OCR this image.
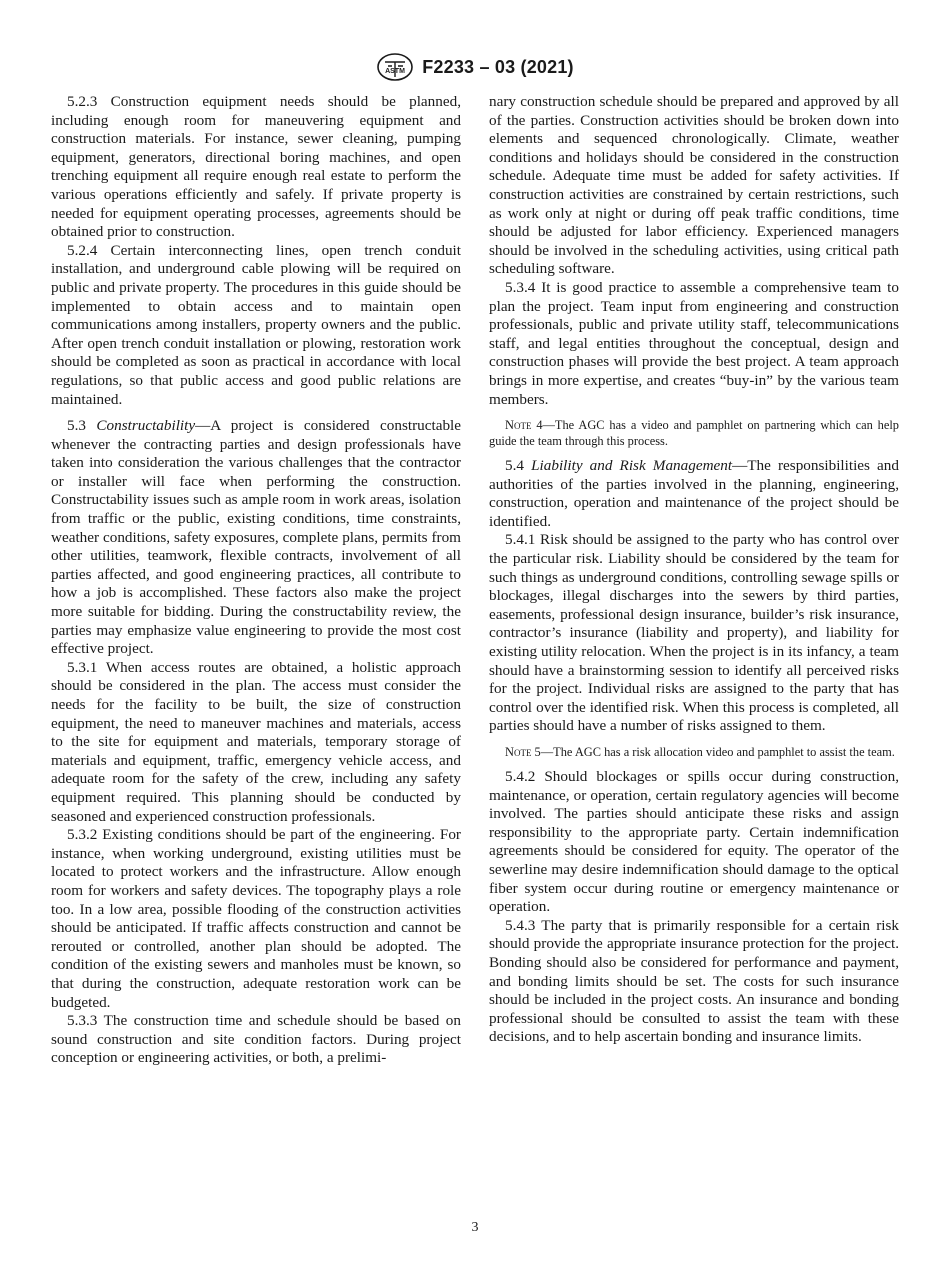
ASTM F2233 – 03 (2021)

5.2.3 Construction equipment needs should be planned, including enough room for maneuvering equipment and construction materials. For instance, sewer cleaning, pumping equipment, generators, directional boring machines, and open trenching equipment all require enough real estate to perform the various operations efficiently and safely. If private property is needed for equipment operating processes, agreements should be obtained prior to construction.

5.2.4 Certain interconnecting lines, open trench conduit installation, and underground cable plowing will be required on public and private property. The procedures in this guide should be implemented to obtain access and to maintain open communications among installers, property owners and the public. After open trench conduit installation or plowing, restoration work should be completed as soon as practical in accordance with local regulations, so that public access and good public relations are maintained.

5.3 Constructability—A project is considered constructable whenever the contracting parties and design professionals have taken into consideration the various challenges that the contractor or installer will face when performing the construction. Constructability issues such as ample room in work areas, isolation from traffic or the public, existing conditions, time constraints, weather conditions, safety exposures, complete plans, permits from other utilities, teamwork, flexible contracts, involvement of all parties affected, and good engineering practices, all contribute to how a job is accomplished. These factors also make the project more suitable for bidding. During the constructability review, the parties may emphasize value engineering to provide the most cost effective project.

5.3.1 When access routes are obtained, a holistic approach should be considered in the plan. The access must consider the needs for the facility to be built, the size of construction equipment, the need to maneuver machines and materials, access to the site for equipment and materials, temporary storage of materials and equipment, traffic, emergency vehicle access, and adequate room for the safety of the crew, including any safety equipment required. This planning should be conducted by seasoned and experienced construction professionals.

5.3.2 Existing conditions should be part of the engineering. For instance, when working underground, existing utilities must be located to protect workers and the infrastructure. Allow enough room for workers and safety devices. The topography plays a role too. In a low area, possible flooding of the construction activities should be anticipated. If traffic affects construction and cannot be rerouted or controlled, another plan should be adopted. The condition of the existing sewers and manholes must be known, so that during the construction, adequate restoration work can be budgeted.

5.3.3 The construction time and schedule should be based on sound construction and site condition factors. During project conception or engineering activities, or both, a prelimi-

nary construction schedule should be prepared and approved by all of the parties. Construction activities should be broken down into elements and sequenced chronologically. Climate, weather conditions and holidays should be considered in the construction schedule. Adequate time must be added for safety activities. If construction activities are constrained by certain restrictions, such as work only at night or during off peak traffic conditions, time should be adjusted for labor efficiency. Experienced managers should be involved in the scheduling activities, using critical path scheduling software.

5.3.4 It is good practice to assemble a comprehensive team to plan the project. Team input from engineering and construction professionals, public and private utility staff, telecommunications staff, and legal entities throughout the conceptual, design and construction phases will provide the best project. A team approach brings in more expertise, and creates “buy-in” by the various team members.

Note 4—The AGC has a video and pamphlet on partnering which can help guide the team through this process.

5.4 Liability and Risk Management—The responsibilities and authorities of the parties involved in the planning, engineering, construction, operation and maintenance of the project should be identified.

5.4.1 Risk should be assigned to the party who has control over the particular risk. Liability should be considered by the team for such things as underground conditions, controlling sewage spills or blockages, illegal discharges into the sewers by third parties, easements, professional design insurance, builder’s risk insurance, contractor’s insurance (liability and property), and liability for existing utility relocation. When the project is in its infancy, a team should have a brainstorming session to identify all perceived risks for the project. Individual risks are assigned to the party that has control over the identified risk. When this process is completed, all parties should have a number of risks assigned to them.

Note 5—The AGC has a risk allocation video and pamphlet to assist the team.

5.4.2 Should blockages or spills occur during construction, maintenance, or operation, certain regulatory agencies will become involved. The parties should anticipate these risks and assign responsibility to the appropriate party. Certain indemnification agreements should be considered for equity. The operator of the sewerline may desire indemnification should damage to the optical fiber system occur during routine or emergency maintenance or operation.

5.4.3 The party that is primarily responsible for a certain risk should provide the appropriate insurance protection for the project. Bonding should also be considered for performance and payment, and bonding limits should be set. The costs for such insurance should be included in the project costs. An insurance and bonding professional should be consulted to assist the team with these decisions, and to help ascertain bonding and insurance limits.

3
